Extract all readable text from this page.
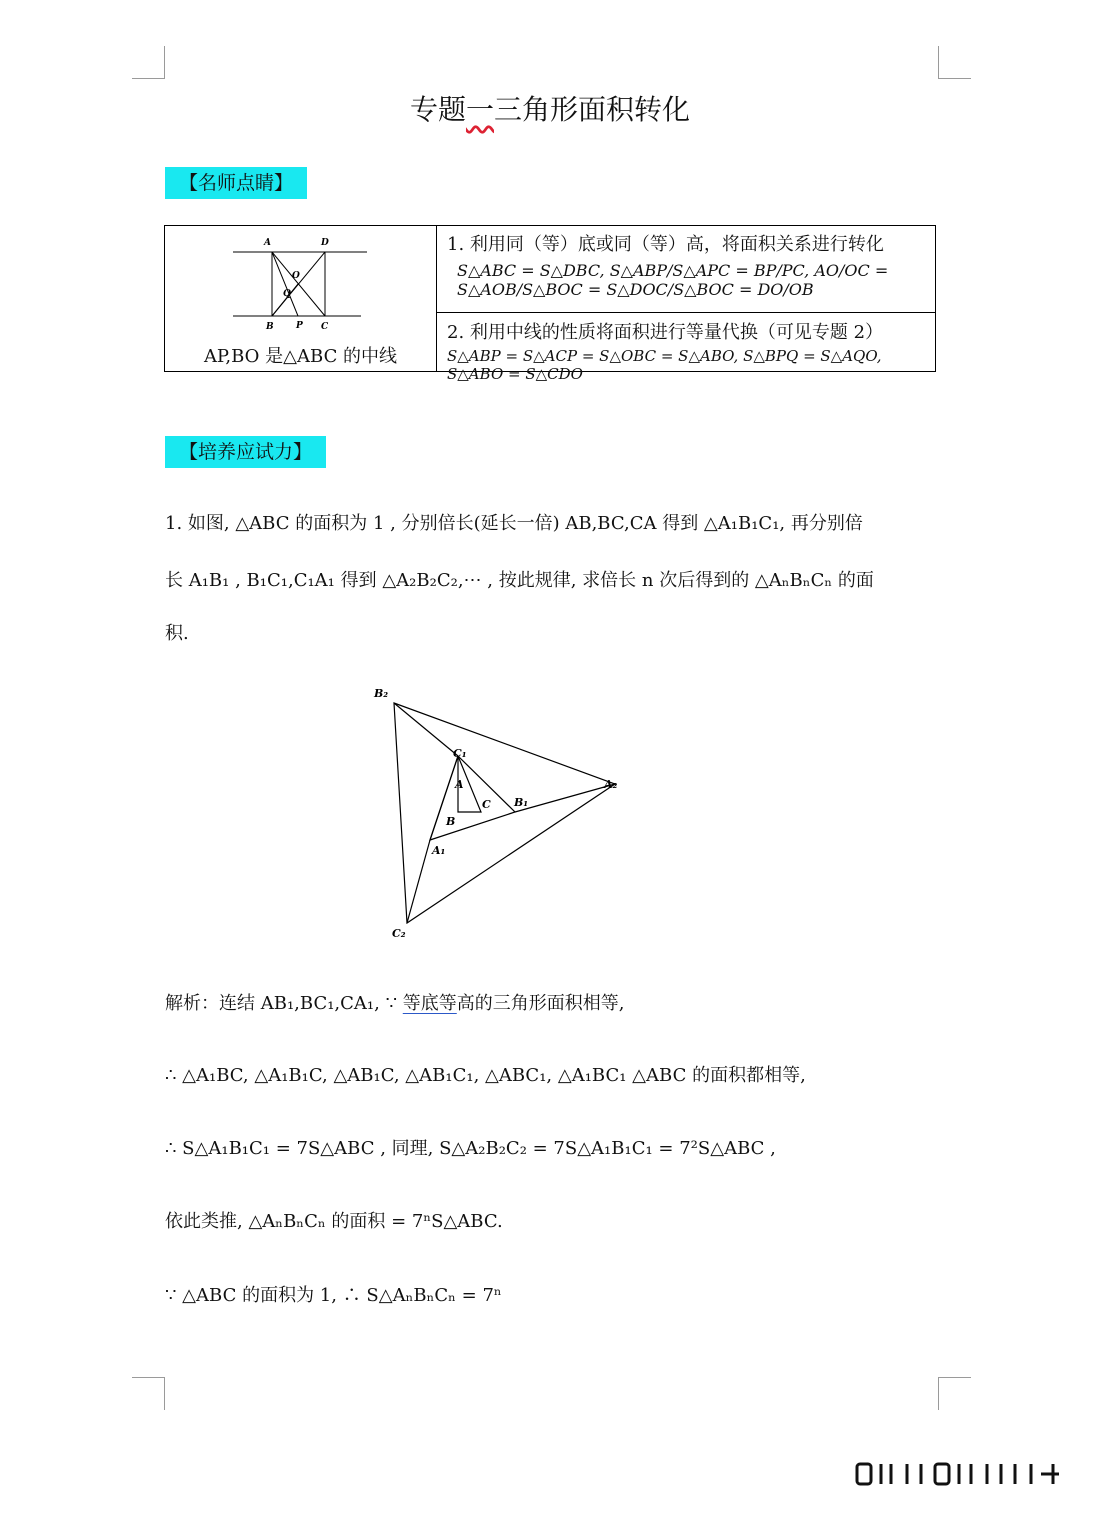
专题一三角形面积转化
【名师点睛】
A	D
O
Q
B P C
AP,BO 是△ABC 的中线
1. 利用同（等）底或同（等）高，将面积关系进行转化
S△ABC = S△DBC, S△ABP/S△APC = BP/PC, AO/OC = S△AOB/S△BOC = S△DOC/S△BOC = DO/OB
2. 利用中线的性质将面积进行等量代换（可见专题 2）
S△ABP = S△ACP = S△OBC = S△ABO, S△BPQ = S△AQO, S△ABO = S△CDO
【培养应试力】
1. 如图, △ABC 的面积为 1 , 分别倍长(延长一倍) AB,BC,CA 得到 △A₁B₁C₁, 再分别倍
长 A₁B₁ , B₁C₁,C₁A₁ 得到 △A₂B₂C₂,⋯ , 按此规律, 求倍长 n 次后得到的 △AₙBₙCₙ 的面
积.
B₂
C₁
A
C B₁
A₂
B
A₁
C₂
解析：连结 AB₁,BC₁,CA₁, ∵ 等底等高的三角形面积相等,
∴ △A₁BC, △A₁B₁C, △AB₁C, △AB₁C₁, △ABC₁, △A₁BC₁ △ABC 的面积都相等,
∴ S△A₁B₁C₁ = 7S△ABC , 同理, S△A₂B₂C₂ = 7S△A₁B₁C₁ = 7²S△ABC ,
依此类推, △AₙBₙCₙ 的面积 = 7ⁿS△ABC.
∵ △ABC 的面积为 1, ∴ S△AₙBₙCₙ = 7ⁿ
